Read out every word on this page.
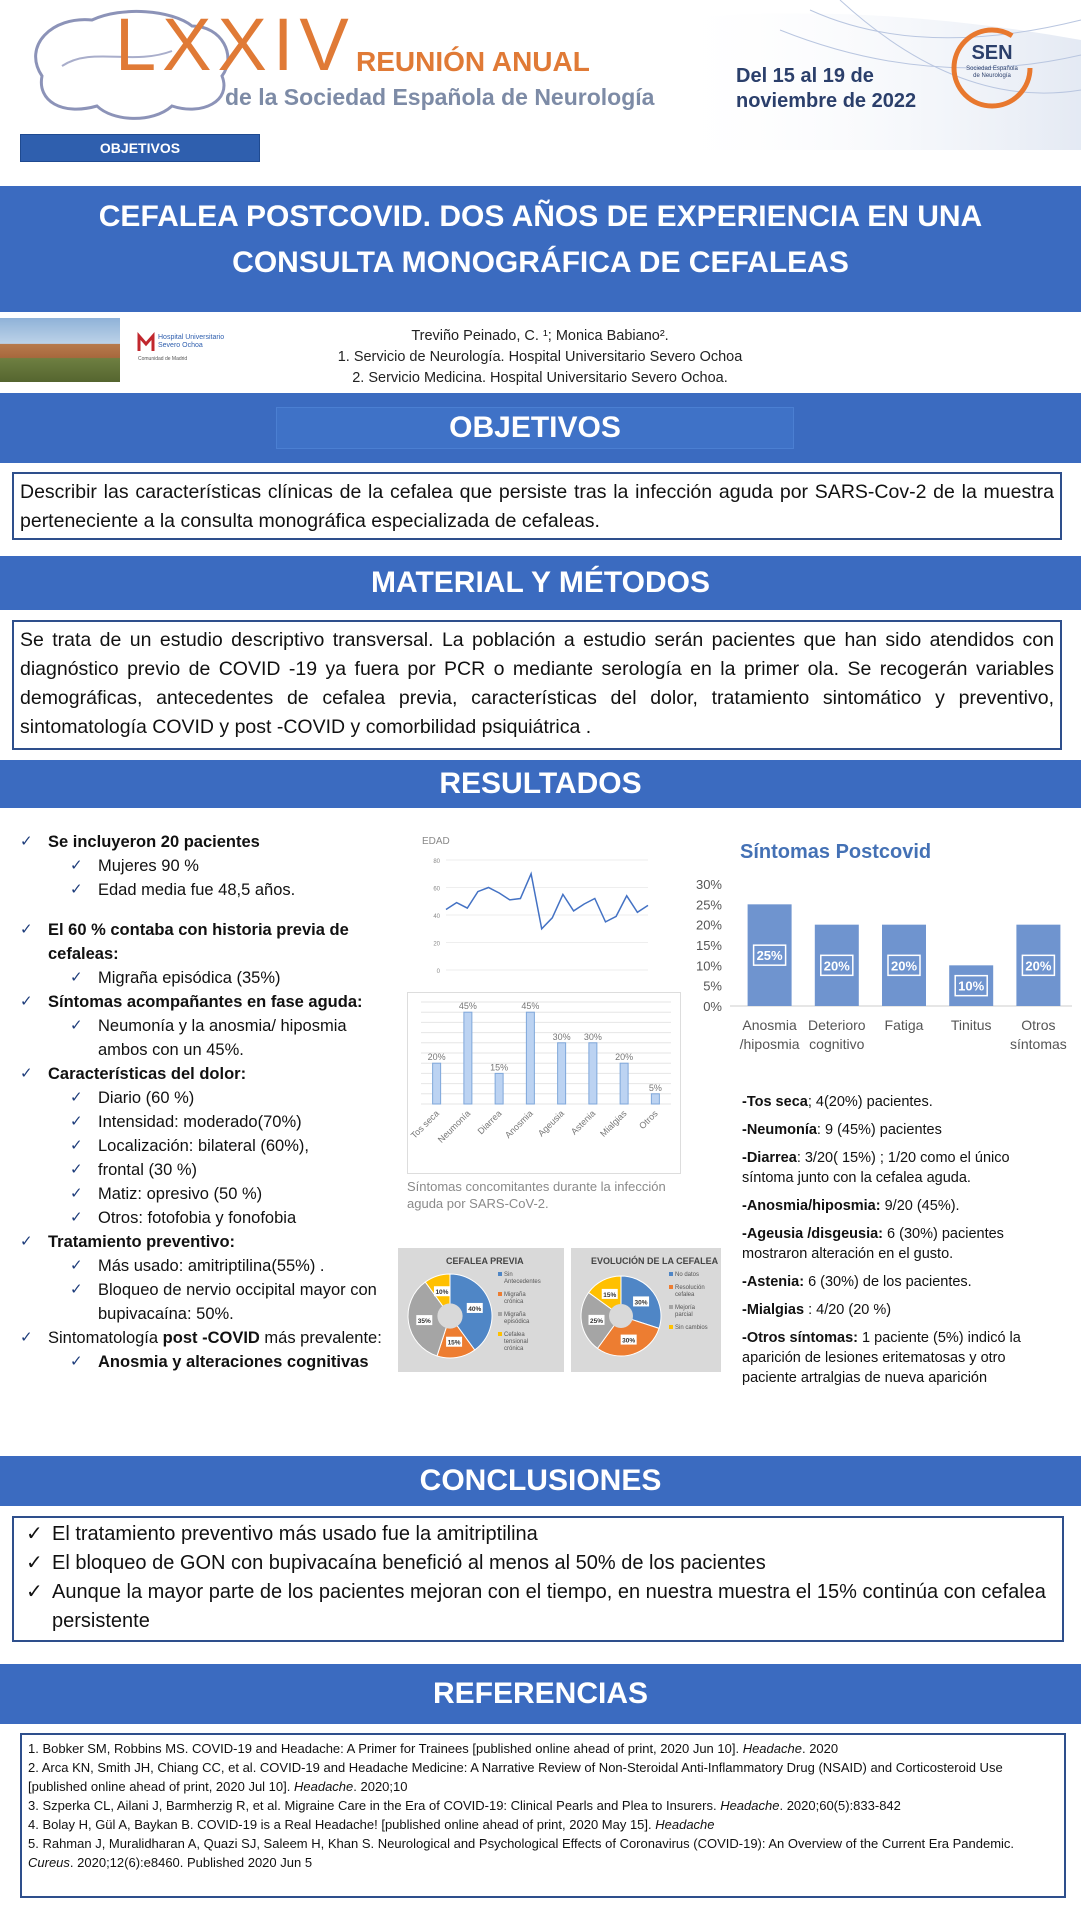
LXXIV REUNIÓN ANUAL
de la Sociedad Española de Neurología
Del 15 al 19 de
noviembre de 2022
SEN
Sociedad Española
de Neurología
OBJETIVOS
CEFALEA POSTCOVID. DOS AÑOS DE EXPERIENCIA EN UNA
CONSULTA MONOGRÁFICA DE CEFALEAS
Hospital Universitario
Severo Ochoa
Comunidad de Madrid
Treviño Peinado, C. ¹; Monica Babiano².
1. Servicio de Neurología. Hospital Universitario Severo Ochoa
2. Servicio Medicina. Hospital Universitario Severo Ochoa.
OBJETIVOS
Describir las características clínicas de la cefalea que persiste tras la infección aguda por SARS-Cov-2 de la muestra perteneciente a la consulta monográfica especializada de cefaleas.
MATERIAL Y MÉTODOS
Se trata de un estudio descriptivo transversal. La población a estudio serán pacientes que han sido atendidos con diagnóstico previo de COVID -19 ya fuera por PCR o mediante serología en la primer ola. Se recogerán variables demográficas, antecedentes de cefalea previa, características del dolor, tratamiento sintomático y preventivo, sintomatología COVID y post -COVID y comorbilidad psiquiátrica .
RESULTADOS
✓ Se incluyeron 20 pacientes
✓ Mujeres 90 %
✓ Edad media fue 48,5 años.
✓ El 60 % contaba con historia previa de cefaleas:
✓ Migraña episódica (35%)
✓ Síntomas acompañantes en fase aguda:
✓ Neumonía y la anosmia/ hiposmia ambos con un 45%.
✓ Características del dolor:
✓ Diario (60 %)
✓ Intensidad: moderado(70%)
✓ Localización: bilateral (60%),
✓ frontal (30 %)
✓ Matiz: opresivo (50 %)
✓ Otros: fotofobia y fonofobia
✓ Tratamiento preventivo:
✓ Más usado: amitriptilina(55%) .
✓ Bloqueo de nervio occipital mayor con bupivacaína: 50%.
✓ Sintomatología post -COVID más prevalente:
✓ Anosmia y alteraciones cognitivas
EDAD
0
20
40
60
80
20%
Tos seca
45%
Neumonía
15%
Diarrea
45%
Anosmia
30%
Ageusia
30%
Astenia
20%
Mialgias
5%
Otros
Síntomas concomitantes durante la infección aguda por SARS-CoV-2.
CEFALEA PREVIA
40%
15%
35%
10%
Sin
Antecedentes
Migraña
crónica
Migraña
episódica
Cefalea
tensional
crónica
EVOLUCIÓN DE LA CEFALEA
30%
30%
25%
15%
No datos
Resolución
cefalea
Mejoría
parcial
Sin cambios
Síntomas Postcovid
0%
5%
10%
15%
20%
25%
30%
25%
Anosmia
/hiposmia
20%
Deterioro
cognitivo
20%
Fatiga
10%
Tinitus
20%
Otros
síntomas

-Tos seca; 4(20%) pacientes.

-Neumonía: 9 (45%) pacientes

-Diarrea: 3/20( 15%) ; 1/20 como el único síntoma junto con la cefalea aguda.

-Anosmia/hiposmia: 9/20 (45%).

-Ageusia /disgeusia: 6 (30%) pacientes mostraron alteración en el gusto.

-Astenia: 6 (30%) de los pacientes.

-Mialgias : 4/20 (20 %)

-Otros síntomas: 1 paciente (5%) indicó la aparición de lesiones eritematosas y otro paciente artralgias de nueva aparición

CONCLUSIONES
✓ El tratamiento preventivo más usado fue la amitriptilina
✓ El bloqueo de GON con bupivacaína benefició al menos al 50% de los pacientes
✓ Aunque la mayor parte de los pacientes mejoran con el tiempo, en nuestra muestra el 15% continúa con cefalea persistente
REFERENCIAS
1. Bobker SM, Robbins MS. COVID-19 and Headache: A Primer for Trainees [published online ahead of print, 2020 Jun 10]. Headache. 2020
2. Arca KN, Smith JH, Chiang CC, et al. COVID-19 and Headache Medicine: A Narrative Review of Non-Steroidal Anti-Inflammatory Drug (NSAID) and Corticosteroid Use [published online ahead of print, 2020 Jul 10]. Headache. 2020;10
3. Szperka CL, Ailani J, Barmherzig R, et al. Migraine Care in the Era of COVID-19: Clinical Pearls and Plea to Insurers. Headache. 2020;60(5):833-842
4. Bolay H, Gül A, Baykan B. COVID-19 is a Real Headache! [published online ahead of print, 2020 May 15]. Headache
5. Rahman J, Muralidharan A, Quazi SJ, Saleem H, Khan S. Neurological and Psychological Effects of Coronavirus (COVID-19): An Overview of the Current Era Pandemic. Cureus. 2020;12(6):e8460. Published 2020 Jun 5
